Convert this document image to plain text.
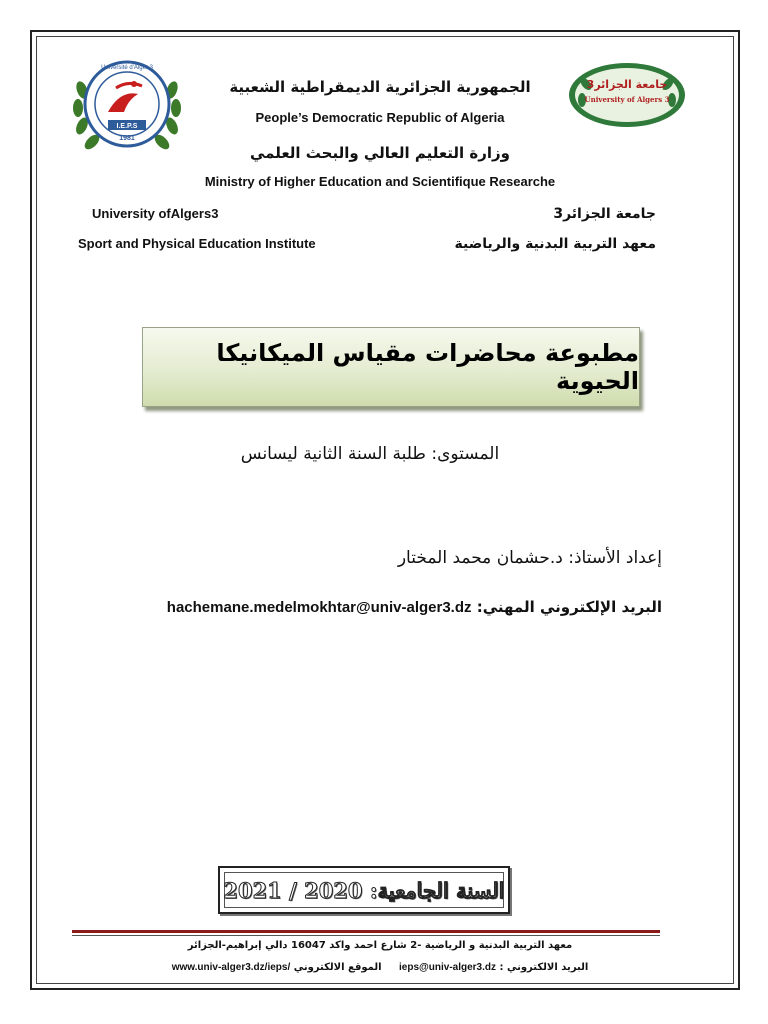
I.E.P.S
1981
Université d'Alger 3
جامعة الجزائر3
University of Algers 3
الجمهورية الجزائرية الديمقراطية الشعبية
People’s Democratic Republic of Algeria
وزارة التعليم العالي والبحث العلمي
Ministry of Higher Education and Scientifique Researche
University ofAlgers3	جامعة الجزائر3
Sport and Physical Education Institute	معهد التربية البدنية والرياضية
مطبوعة محاضرات مقياس الميكانيكا الحيوية
المستوى: طلبة السنة الثانية ليسانس
إعداد الأستاذ: د.حشمان محمد المختار
البريد الإلكتروني المهني: hachemane.medelmokhtar@univ-alger3.dz
السنة الجامعية: 2020 / 2021
معهد التربية البدنية و الرياضية -2 شارع احمد واكد 16047 دالي إبراهيم-الجزائر
البريد الالكتروني : ieps@univ-alger3.dz     الموقع الالكتروني www.univ-alger3.dz/ieps/
